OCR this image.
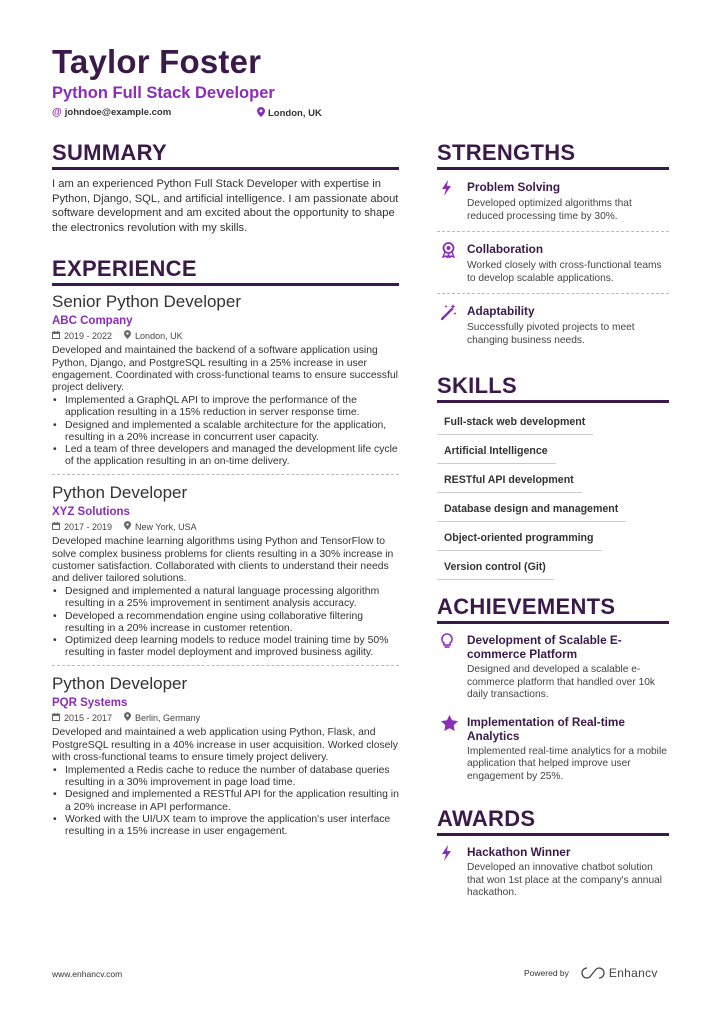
Taylor Foster
Python Full Stack Developer
@ johndoe@example.com	London, UK
SUMMARY
I am an experienced Python Full Stack Developer with expertise in Python, Django, SQL, and artificial intelligence. I am passionate about software development and am excited about the opportunity to shape the electronics revolution with my skills.
EXPERIENCE
Senior Python Developer
ABC Company
2019 - 2022	London, UK
Developed and maintained the backend of a software application using Python, Django, and PostgreSQL resulting in a 25% increase in user engagement. Coordinated with cross-functional teams to ensure successful project delivery.
• Implemented a GraphQL API to improve the performance of the application resulting in a 15% reduction in server response time.
• Designed and implemented a scalable architecture for the application, resulting in a 20% increase in concurrent user capacity.
• Led a team of three developers and managed the development life cycle of the application resulting in an on-time delivery.
Python Developer
XYZ Solutions
2017 - 2019	New York, USA
Developed machine learning algorithms using Python and TensorFlow to solve complex business problems for clients resulting in a 30% increase in customer satisfaction. Collaborated with clients to understand their needs and deliver tailored solutions.
• Designed and implemented a natural language processing algorithm resulting in a 25% improvement in sentiment analysis accuracy.
• Developed a recommendation engine using collaborative filtering resulting in a 20% increase in customer retention.
• Optimized deep learning models to reduce model training time by 50% resulting in faster model deployment and improved business agility.
Python Developer
PQR Systems
2015 - 2017	Berlin, Germany
Developed and maintained a web application using Python, Flask, and PostgreSQL resulting in a 40% increase in user acquisition. Worked closely with cross-functional teams to ensure timely project delivery.
• Implemented a Redis cache to reduce the number of database queries resulting in a 30% improvement in page load time.
• Designed and implemented a RESTful API for the application resulting in a 20% increase in API performance.
• Worked with the UI/UX team to improve the application's user interface resulting in a 15% increase in user engagement.
STRENGTHS
Problem Solving
Developed optimized algorithms that reduced processing time by 30%.
Collaboration
Worked closely with cross-functional teams to develop scalable applications.
Adaptability
Successfully pivoted projects to meet changing business needs.
SKILLS
Full-stack web development
Artificial Intelligence
RESTful API development
Database design and management
Object-oriented programming
Version control (Git)
ACHIEVEMENTS
Development of Scalable E-commerce Platform
Designed and developed a scalable e-commerce platform that handled over 10k daily transactions.
Implementation of Real-time Analytics
Implemented real-time analytics for a mobile application that helped improve user engagement by 25%.
AWARDS
Hackathon Winner
Developed an innovative chatbot solution that won 1st place at the company's annual hackathon.
www.enhancv.com	Powered by	Enhancv
